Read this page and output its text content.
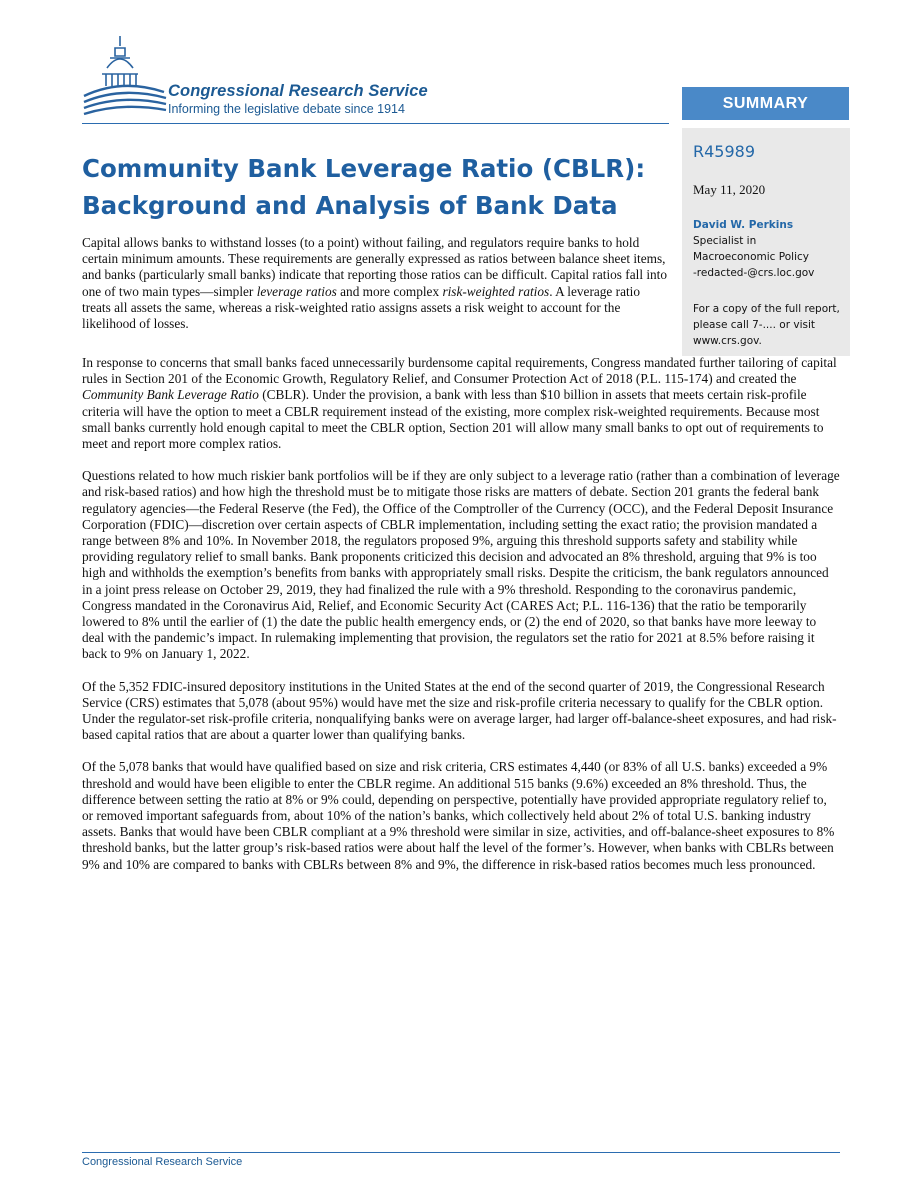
Congressional Research Service
Informing the legislative debate since 1914	SUMMARY
R45989
May 11, 2020
David W. Perkins
Specialist in
Macroeconomic Policy
-redacted-@crs.loc.gov
For a copy of the full report, please call 7-.... or visit www.crs.gov.
Community Bank Leverage Ratio (CBLR): Background and Analysis of Bank Data

Capital allows banks to withstand losses (to a point) without failing, and regulators require banks to hold certain minimum amounts. These requirements are generally expressed as ratios between balance sheet items, and banks (particularly small banks) indicate that reporting those ratios can be difficult. Capital ratios fall into one of two main types—simpler leverage ratios and more complex risk-weighted ratios. A leverage ratio treats all assets the same, whereas a risk-weighted ratio assigns assets a risk weight to account for the likelihood of losses.

In response to concerns that small banks faced unnecessarily burdensome capital requirements, Congress mandated further tailoring of capital rules in Section 201 of the Economic Growth, Regulatory Relief, and Consumer Protection Act of 2018 (P.L. 115-174) and created the Community Bank Leverage Ratio (CBLR). Under the provision, a bank with less than $10 billion in assets that meets certain risk-profile criteria will have the option to meet a CBLR requirement instead of the existing, more complex risk-weighted requirements. Because most small banks currently hold enough capital to meet the CBLR option, Section 201 will allow many small banks to opt out of requirements to meet and report more complex ratios.

Questions related to how much riskier bank portfolios will be if they are only subject to a leverage ratio (rather than a combination of leverage and risk-based ratios) and how high the threshold must be to mitigate those risks are matters of debate. Section 201 grants the federal bank regulatory agencies—the Federal Reserve (the Fed), the Office of the Comptroller of the Currency (OCC), and the Federal Deposit Insurance Corporation (FDIC)—discretion over certain aspects of CBLR implementation, including setting the exact ratio; the provision mandated a range between 8% and 10%. In November 2018, the regulators proposed 9%, arguing this threshold supports safety and stability while providing regulatory relief to small banks. Bank proponents criticized this decision and advocated an 8% threshold, arguing that 9% is too high and withholds the exemption’s benefits from banks with appropriately small risks. Despite the criticism, the bank regulators announced in a joint press release on October 29, 2019, they had finalized the rule with a 9% threshold. Responding to the coronavirus pandemic, Congress mandated in the Coronavirus Aid, Relief, and Economic Security Act (CARES Act; P.L. 116-136) that the ratio be temporarily lowered to 8% until the earlier of (1) the date the public health emergency ends, or (2) the end of 2020, so that banks have more leeway to deal with the pandemic’s impact. In rulemaking implementing that provision, the regulators set the ratio for 2021 at 8.5% before raising it back to 9% on January 1, 2022.

Of the 5,352 FDIC-insured depository institutions in the United States at the end of the second quarter of 2019, the Congressional Research Service (CRS) estimates that 5,078 (about 95%) would have met the size and risk-profile criteria necessary to qualify for the CBLR option. Under the regulator-set risk-profile criteria, nonqualifying banks were on average larger, had larger off-balance-sheet exposures, and had risk-based capital ratios that are about a quarter lower than qualifying banks.

Of the 5,078 banks that would have qualified based on size and risk criteria, CRS estimates 4,440 (or 83% of all U.S. banks) exceeded a 9% threshold and would have been eligible to enter the CBLR regime. An additional 515 banks (9.6%) exceeded an 8% threshold. Thus, the difference between setting the ratio at 8% or 9% could, depending on perspective, potentially have provided appropriate regulatory relief to, or removed important safeguards from, about 10% of the nation’s banks, which collectively held about 2% of total U.S. banking industry assets. Banks that would have been CBLR compliant at a 9% threshold were similar in size, activities, and off-balance-sheet exposures to 8% threshold banks, but the latter group’s risk-based ratios were about half the level of the former’s. However, when banks with CBLRs between 9% and 10% are compared to banks with CBLRs between 8% and 9%, the difference in risk-based ratios becomes much less pronounced.

Congressional Research Service
